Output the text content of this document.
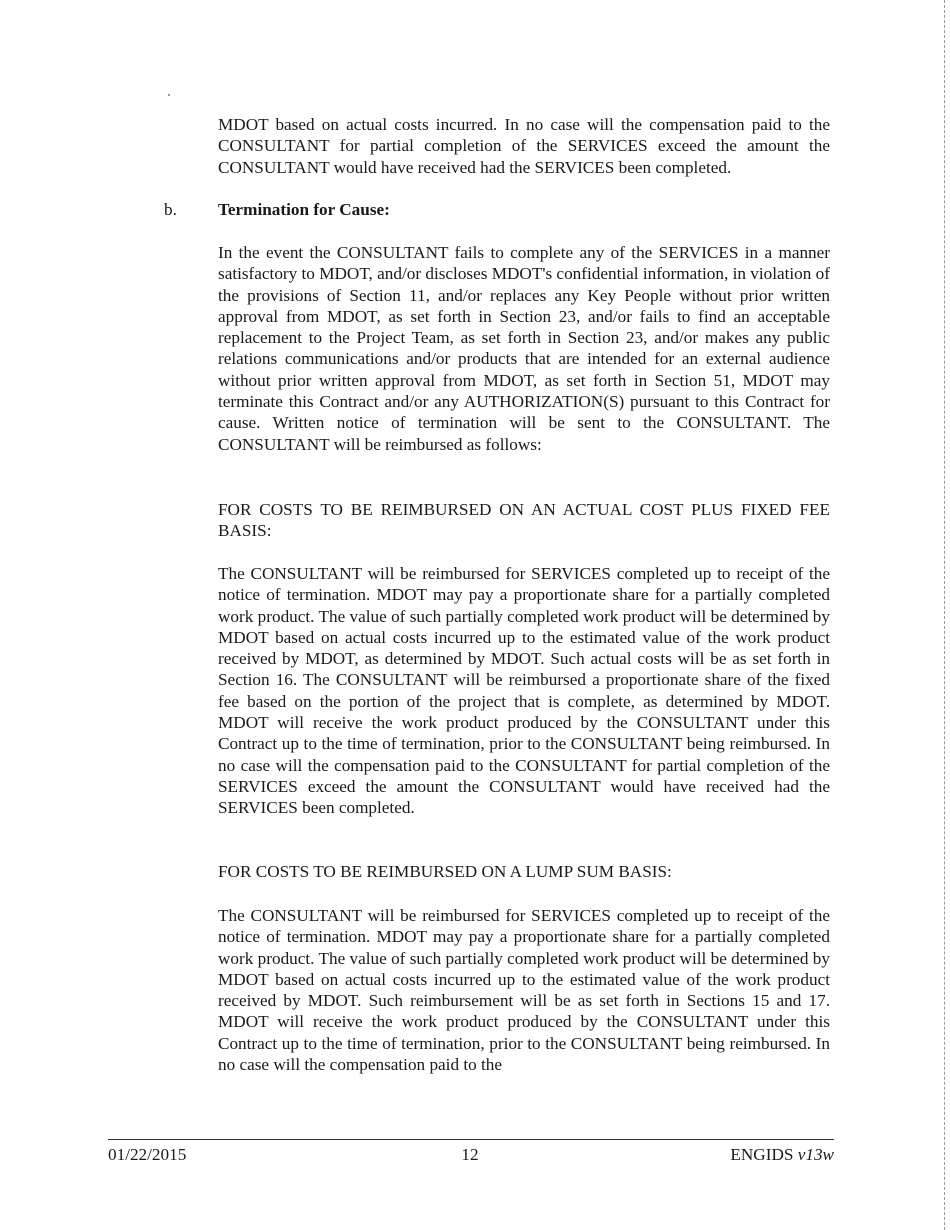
MDOT based on actual costs incurred. In no case will the compensation paid to the CONSULTANT for partial completion of the SERVICES exceed the amount the CONSULTANT would have received had the SERVICES been completed.

b. Termination for Cause:

In the event the CONSULTANT fails to complete any of the SERVICES in a manner satisfactory to MDOT, and/or discloses MDOT's confidential information, in violation of the provisions of Section 11, and/or replaces any Key People without prior written approval from MDOT, as set forth in Section 23, and/or fails to find an acceptable replacement to the Project Team, as set forth in Section 23, and/or makes any public relations communications and/or products that are intended for an external audience without prior written approval from MDOT, as set forth in Section 51, MDOT may terminate this Contract and/or any AUTHORIZATION(S) pursuant to this Contract for cause. Written notice of termination will be sent to the CONSULTANT. The CONSULTANT will be reimbursed as follows:

FOR COSTS TO BE REIMBURSED ON AN ACTUAL COST PLUS FIXED FEE BASIS:

The CONSULTANT will be reimbursed for SERVICES completed up to receipt of the notice of termination. MDOT may pay a proportionate share for a partially completed work product. The value of such partially completed work product will be determined by MDOT based on actual costs incurred up to the estimated value of the work product received by MDOT, as determined by MDOT. Such actual costs will be as set forth in Section 16. The CONSULTANT will be reimbursed a proportionate share of the fixed fee based on the portion of the project that is complete, as determined by MDOT. MDOT will receive the work product produced by the CONSULTANT under this Contract up to the time of termination, prior to the CONSULTANT being reimbursed. In no case will the compensation paid to the CONSULTANT for partial completion of the SERVICES exceed the amount the CONSULTANT would have received had the SERVICES been completed.

FOR COSTS TO BE REIMBURSED ON A LUMP SUM BASIS:

The CONSULTANT will be reimbursed for SERVICES completed up to receipt of the notice of termination. MDOT may pay a proportionate share for a partially completed work product. The value of such partially completed work product will be determined by MDOT based on actual costs incurred up to the estimated value of the work product received by MDOT. Such reimbursement will be as set forth in Sections 15 and 17. MDOT will receive the work product produced by the CONSULTANT under this Contract up to the time of termination, prior to the CONSULTANT being reimbursed. In no case will the compensation paid to the

01/22/2015	12	ENGIDS v13w
